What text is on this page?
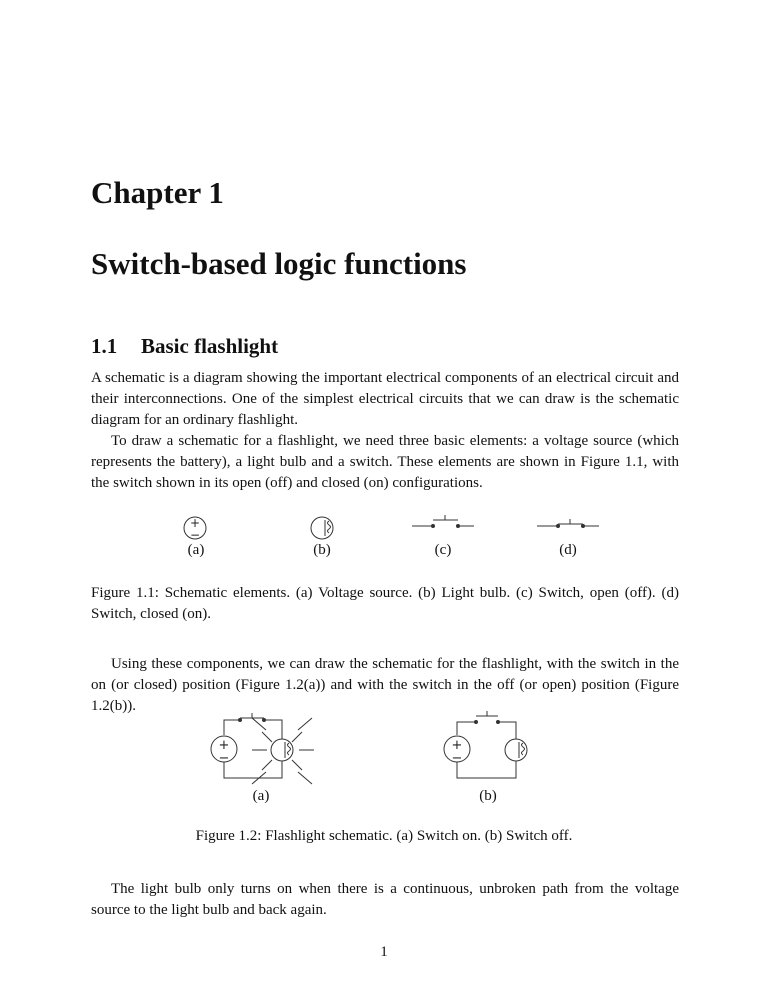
Chapter 1
Switch-based logic functions
1.1 Basic flashlight

A schematic is a diagram showing the important electrical components of an electrical circuit and their interconnections. One of the simplest electrical circuits that we can draw is the schematic diagram for an ordinary flashlight.

To draw a schematic for a flashlight, we need three basic elements: a voltage source (which represents the battery), a light bulb and a switch. These elements are shown in Figure 1.1, with the switch shown in its open (off) and closed (on) configurations.

+
−
(a)	(b)	(c)	(d)
Figure 1.1: Schematic elements. (a) Voltage source. (b) Light bulb. (c) Switch, open (off). (d) Switch, closed (on).

Using these components, we can draw the schematic for the flashlight, with the switch in the on (or closed) position (Figure 1.2(a)) and with the switch in the off (or open) position (Figure 1.2(b)).

+
−
+
−
(a)	(b)
Figure 1.2: Flashlight schematic. (a) Switch on. (b) Switch off.

The light bulb only turns on when there is a continuous, unbroken path from the voltage source to the light bulb and back again.

1
